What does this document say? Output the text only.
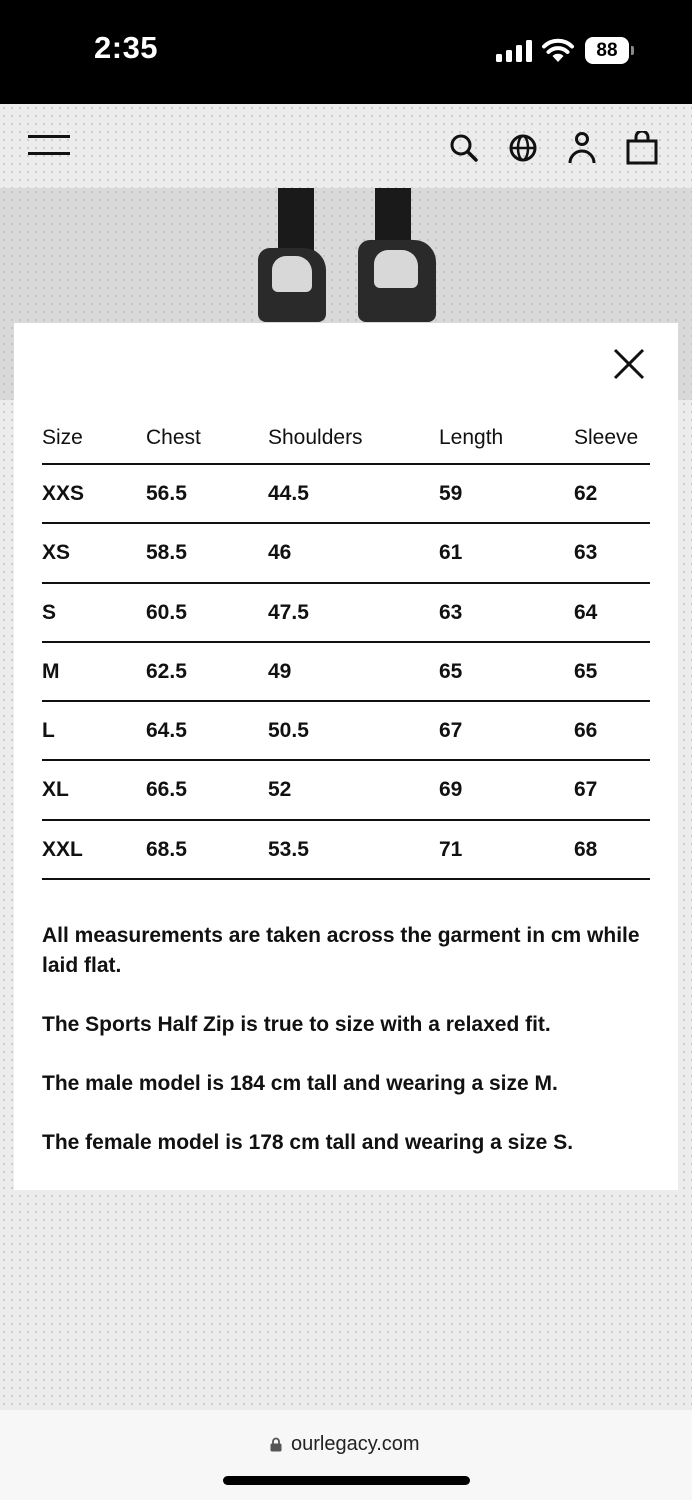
2:35	88
Size	Chest	Shoulders	Length	Sleeve
XXS	56.5	44.5	59	62
XS	58.5	46	61	63
S	60.5	47.5	63	64
M	62.5	49	65	65
L	64.5	50.5	67	66
XL	66.5	52	69	67
XXL	68.5	53.5	71	68

All measurements are taken across the garment in cm while laid flat.

The Sports Half Zip is true to size with a relaxed fit.

The male model is 184 cm tall and wearing a size M.

The female model is 178 cm tall and wearing a size S.

ourlegacy.com
